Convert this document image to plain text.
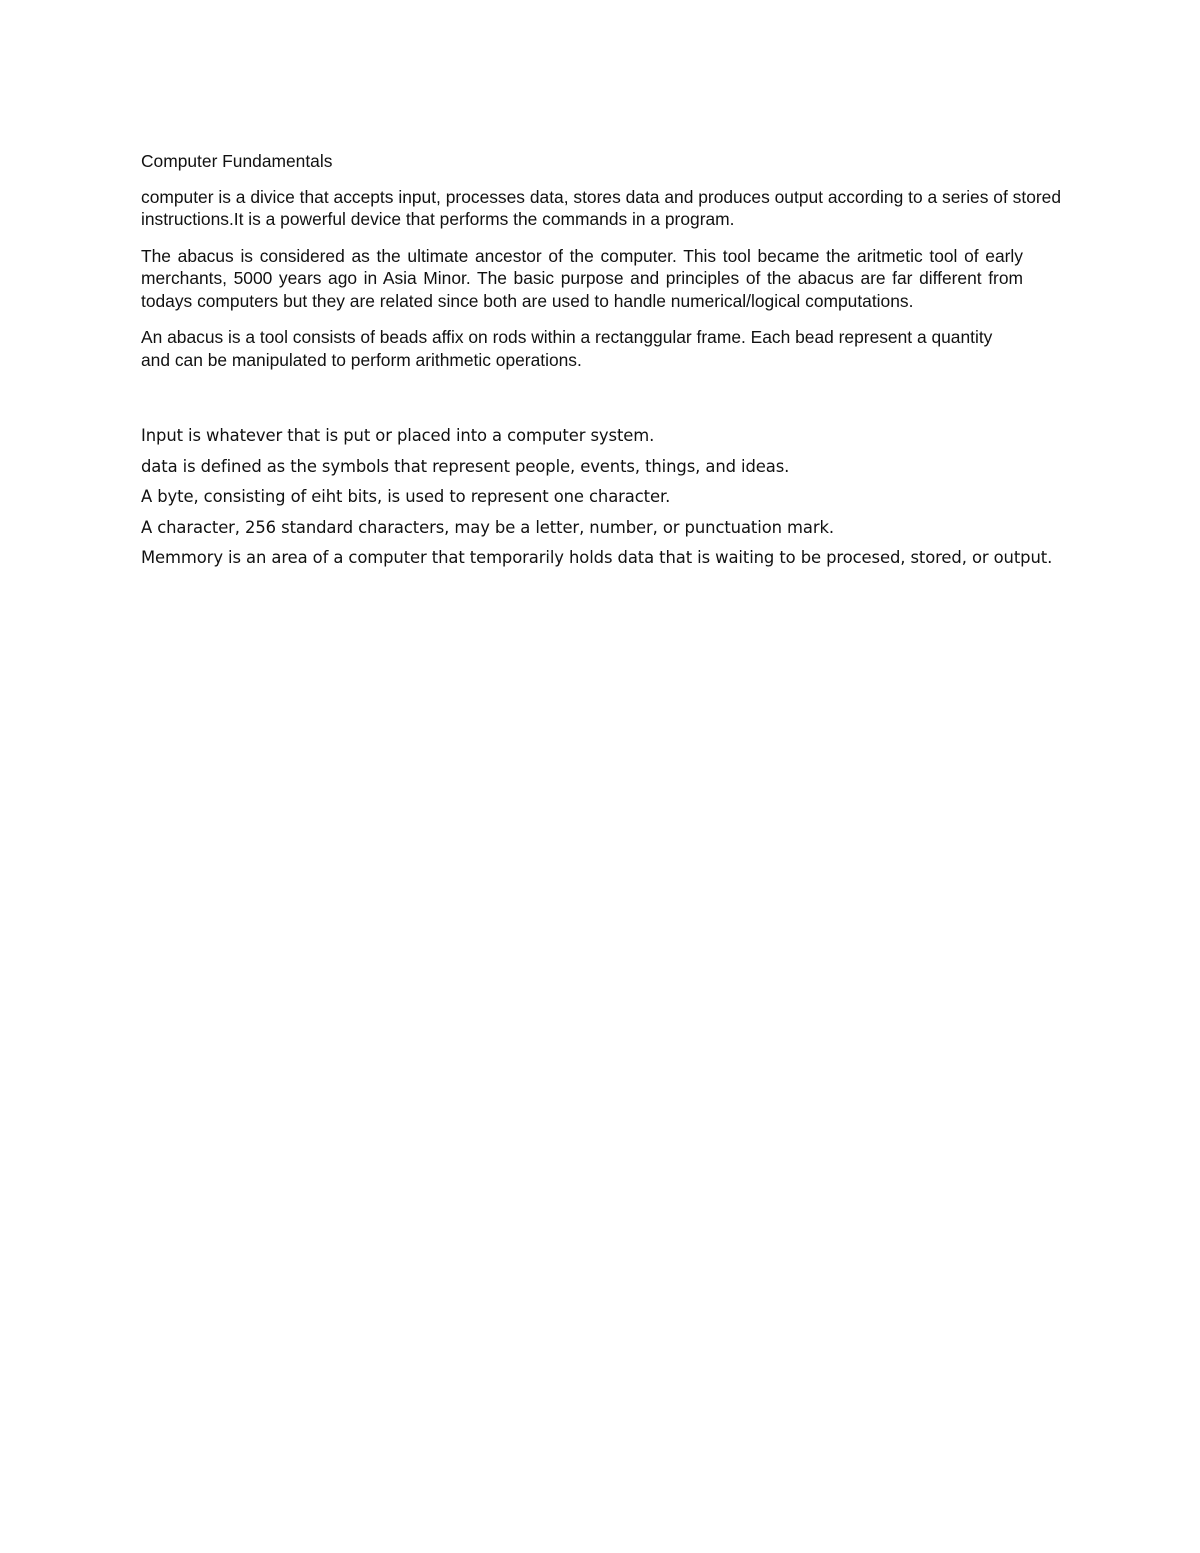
Computer Fundamentals

computer is a divice that accepts input, processes data, stores data and produces output according to a series of stored instructions.It is a powerful device that performs the commands in a program.

The abacus is considered as the ultimate ancestor of the computer. This tool became the aritmetic tool of early merchants, 5000 years ago in Asia Minor. The basic purpose and principles of the abacus are far different from todays computers but they are related since both are used to handle numerical/logical computations.

An abacus is a tool consists of beads affix on rods within a rectanggular frame. Each bead represent a quantity and can be manipulated to perform arithmetic operations.

Input is whatever that is put or placed into a computer system.

data is defined as the symbols that represent people, events, things, and ideas.

A byte, consisting of eiht bits, is used to represent one character.

A character, 256 standard characters, may be a letter, number, or punctuation mark.

Memmory is an area of a computer that temporarily holds data that is waiting to be procesed, stored, or output.
